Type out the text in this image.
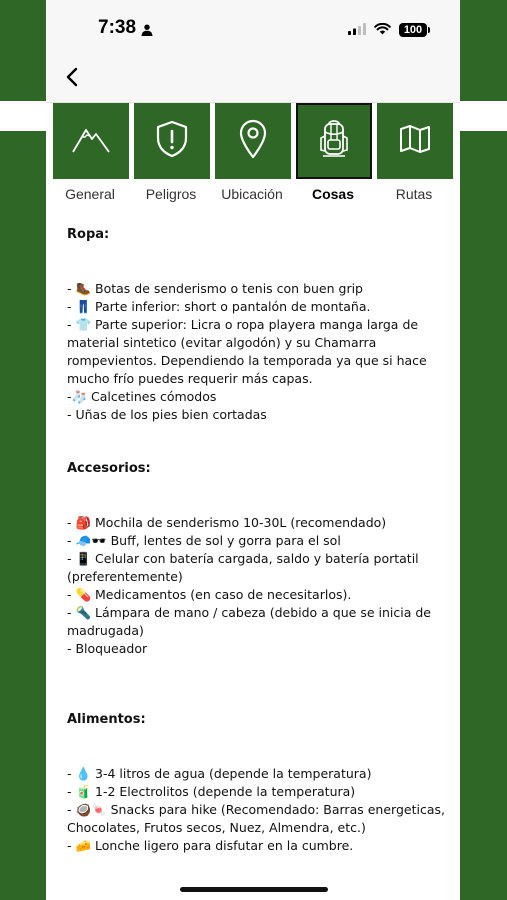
7:38	100
General	Peligros	Ubicación	Cosas	Rutas

Ropa:

- 🥾 Botas de senderismo o tenis con buen grip
- 👖 Parte inferior: short o pantalón de montaña.
- 👕 Parte superior: Licra o ropa playera manga larga de material sintetico (evitar algodón) y su Chamarra rompevientos. Dependiendo la temporada ya que si hace mucho frío puedes requerir más capas.
-🧦 Calcetines cómodos
- Uñas de los pies bien cortadas

Accesorios:

- 🎒 Mochila de senderismo 10-30L (recomendado)
- 🧢🕶️ Buff, lentes de sol y gorra para el sol
- 📱 Celular con batería cargada, saldo y batería portatil (preferentemente)
- 💊 Medicamentos (en caso de necesitarlos).
- 🔦 Lámpara de mano / cabeza (debido a que se inicia de madrugada)
- Bloqueador

Alimentos:

- 💧 3-4 litros de agua (depende la temperatura)
- 🧃 1-2 Electrolitos (depende la temperatura)
- 🥥🍬 Snacks para hike (Recomendado: Barras energeticas, Chocolates, Frutos secos, Nuez, Almendra, etc.)
- 🧀 Lonche ligero para disfutar en la cumbre.
